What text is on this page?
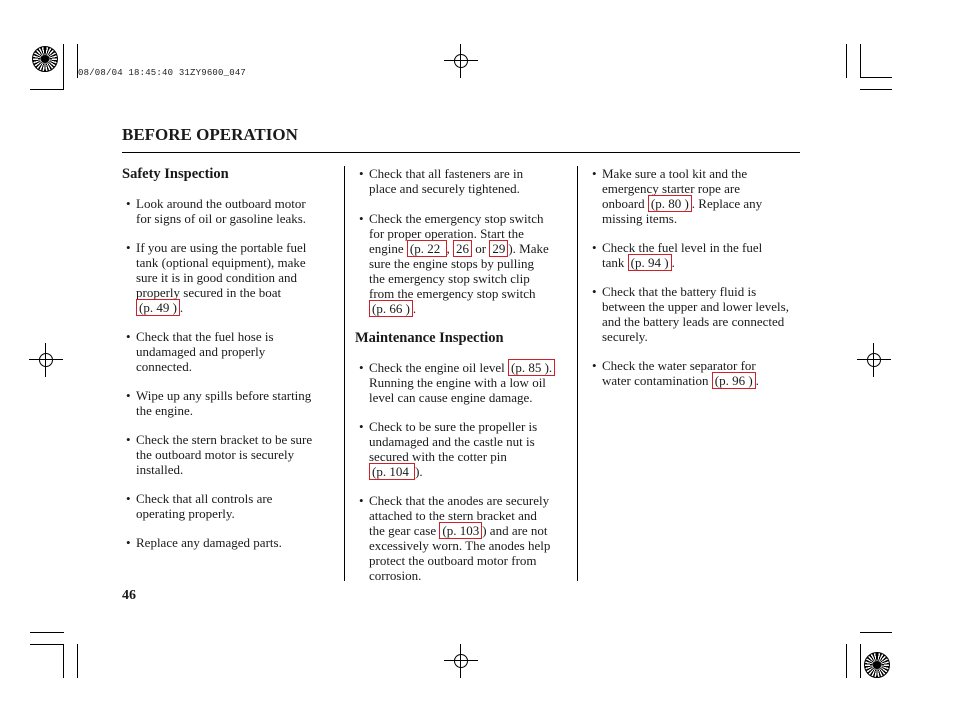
08/08/04 18:45:40 31ZY9600_047
BEFORE OPERATION
Safety Inspection
• Look around the outboard motor
for signs of oil or gasoline leaks.
• If you are using the portable fuel
tank (optional equipment), make
sure it is in good condition and
properly secured in the boat
(p. 49 ) .
• Check that the fuel hose is
undamaged and properly
connected.
• Wipe up any spills before starting
the engine.
• Check the stern bracket to be sure
the outboard motor is securely
installed.
• Check that all controls are
operating properly.
• Replace any damaged parts.
• Check that all fasteners are in
place and securely tightened.
• Check the emergency stop switch
for proper operation. Start the
engine (p. 22 , 26 or 29 ). Make
sure the engine stops by pulling
the emergency stop switch clip
from the emergency stop switch
(p. 66 ) .
Maintenance Inspection
• Check the engine oil level (p. 85 ).
Running the engine with a low oil
level can cause engine damage.
• Check to be sure the propeller is
undamaged and the castle nut is
secured with the cotter pin
(p. 104 ).
• Check that the anodes are securely
attached to the stern bracket and
the gear case (p. 103 ) and are not
excessively worn. The anodes help
protect the outboard motor from
corrosion.
• Make sure a tool kit and the
emergency starter rope are
onboard (p. 80 ) . Replace any
missing items.
• Check the fuel level in the fuel
tank (p. 94 ) .
• Check that the battery fluid is
between the upper and lower levels,
and the battery leads are connected
securely.
• Check the water separator for
water contamination (p. 96 ) .
46
